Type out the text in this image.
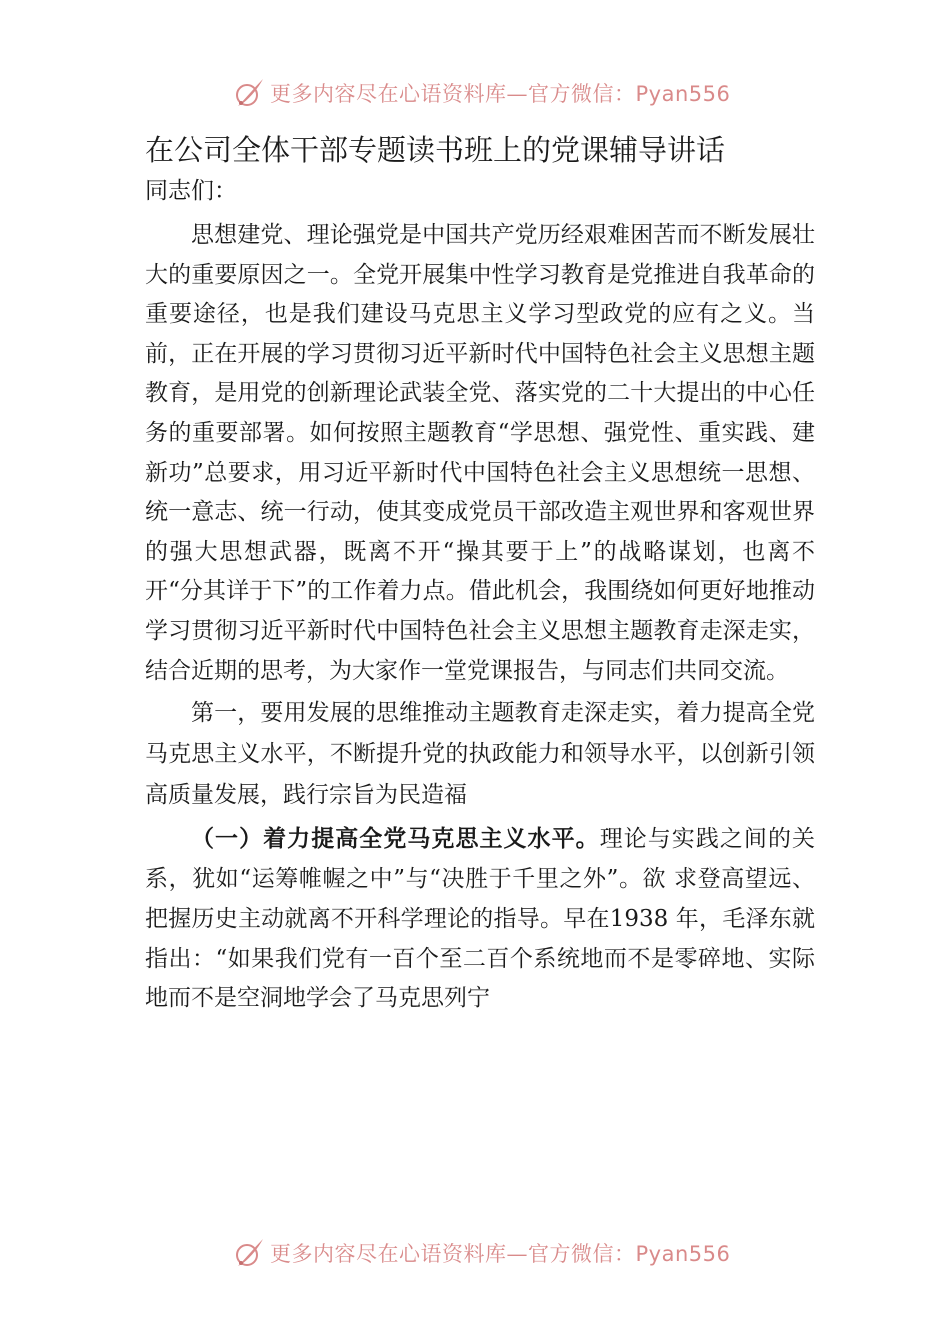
更多内容尽在心语资料库—官方微信：Pyan556

在公司全体干部专题读书班上的党课辅导讲话

同志们：

思想建党、理论强党是中国共产党历经艰难困苦而不断发展壮大的重要原因之一。全党开展集中性学习教育是党推进自我革命的重要途径，也是我们建设马克思主义学习型政党的应有之义。当前，正在开展的学习贯彻习近平新时代中国特色社会主义思想主题教育，是用党的创新理论武装全党、落实党的二十大提出的中心任务的重要部署。如何按照主题教育“学思想、强党性、重实践、建新功”总要求，用习近平新时代中国特色社会主义思想统一思想、统一意志、统一行动，使其变成党员干部改造主观世界和客观世界的强大思想武器，既离不开“操其要于上”的战略谋划，也离不开“分其详于下”的工作着力点。借此机会，我围绕如何更好地推动学习贯彻习近平新时代中国特色社会主义思想主题教育走深走实，结合近期的思考，为大家作一堂党课报告，与同志们共同交流。

第一，要用发展的思维推动主题教育走深走实，着力提高全党马克思主义水平，不断提升党的执政能力和领导水平，以创新引领高质量发展，践行宗旨为民造福

（一）着力提高全党马克思主义水平。理论与实践之间的关系，犹如“运筹帷幄之中”与“决胜于千里之外”。欲 求登高望远、把握历史主动就离不开科学理论的指导。早在1938 年，毛泽东就指出：“如果我们党有一百个至二百个系统地而不是零碎地、实际地而不是空洞地学会了马克思列宁

更多内容尽在心语资料库—官方微信：Pyan556
